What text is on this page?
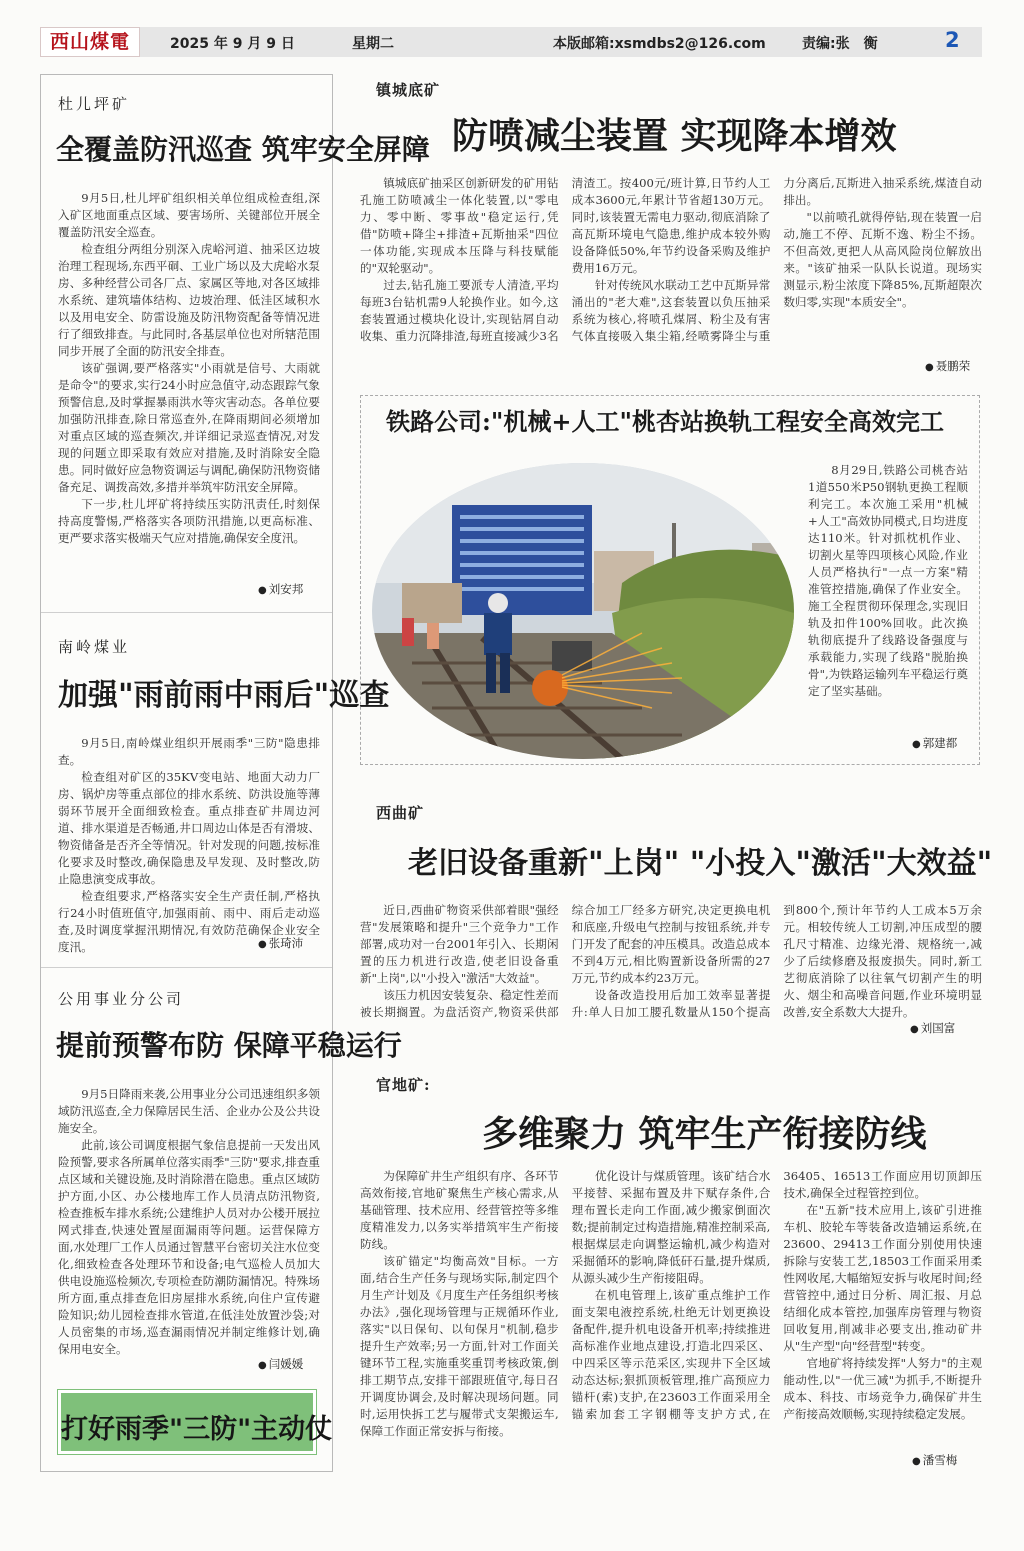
西山煤電	2025 年 9 月 9 日	星期二	本版邮箱:xsmdbs2@126.com	责编:张　衡	2
杜儿坪矿
全覆盖防汛巡查 筑牢安全屏障

9月5日,杜儿坪矿组织相关单位组成检查组,深入矿区地面重点区域、要害场所、关键部位开展全覆盖防汛安全巡查。

检查组分两组分别深入虎峪河道、抽采区边坡治理工程现场,东西平硐、工业广场以及大虎峪水泵房、多种经营公司各厂点、家属区等地,对各区域排水系统、建筑墙体结构、边坡治理、低洼区域积水以及用电安全、防雷设施及防汛物资配备等情况进行了细致排查。与此同时,各基层单位也对所辖范围同步开展了全面的防汛安全排查。

该矿强调,要严格落实"小雨就是信号、大雨就是命令"的要求,实行24小时应急值守,动态跟踪气象预警信息,及时掌握暴雨洪水等灾害动态。各单位要加强防汛排查,除日常巡查外,在降雨期间必须增加对重点区域的巡查频次,并详细记录巡查情况,对发现的问题立即采取有效应对措施,及时消除安全隐患。同时做好应急物资调运与调配,确保防汛物资储备充足、调拨高效,多措并举筑牢防汛安全屏障。

下一步,杜儿坪矿将持续压实防汛责任,时刻保持高度警惕,严格落实各项防汛措施,以更高标准、更严要求落实极端天气应对措施,确保安全度汛。

● 刘安邦
南岭煤业
加强"雨前雨中雨后"巡查

9月5日,南岭煤业组织开展雨季"三防"隐患排查。

检查组对矿区的35KV变电站、地面大动力厂房、锅炉房等重点部位的排水系统、防洪设施等薄弱环节展开全面细致检查。重点排查矿井周边河道、排水渠道是否畅通,井口周边山体是否有滑坡、物资储备是否齐全等情况。针对发现的问题,按标准化要求及时整改,确保隐患及早发现、及时整改,防止隐患演变成事故。

检查组要求,严格落实安全生产责任制,严格执行24小时值班值守,加强雨前、雨中、雨后走动巡查,及时调度掌握汛期情况,有效防范确保企业安全度汛。

●	张琦沛
公用事业分公司
提前预警布防 保障平稳运行

9月5日降雨来袭,公用事业分公司迅速组织多领域防汛巡查,全力保障居民生活、企业办公及公共设施安全。

此前,该公司调度根据气象信息提前一天发出风险预警,要求各所属单位落实雨季"三防"要求,排查重点区域和关键设施,及时消除潜在隐患。重点区域防护方面,小区、办公楼地库工作人员清点防汛物资,检查推板车排水系统;公建维护人员对办公楼开展拉网式排查,快速处置屋面漏雨等问题。运营保障方面,水处理厂工作人员通过智慧平台密切关注水位变化,细致检查各处理环节和设备;电气巡检人员加大供电设施巡检频次,专项检查防潮防漏情况。特殊场所方面,重点排查危旧房屋排水系统,向住户宣传避险知识;幼儿园检查排水管道,在低洼处放置沙袋;对人员密集的市场,巡查漏雨情况并制定维修计划,确保用电安全。

● 闫媛媛
打好雨季"三防"主动仗
镇城底矿
防喷减尘装置 实现降本增效

镇城底矿抽采区创新研发的矿用钻孔施工防喷减尘一体化装置,以"零电力、零中断、零事故"稳定运行,凭借"防喷+降尘+排渣+瓦斯抽采"四位一体功能,实现成本压降与科技赋能的"双轮驱动"。

过去,钻孔施工要派专人清渣,平均每班3台钻机需9人轮换作业。如今,这套装置通过模块化设计,实现钻屑自动收集、重力沉降排渣,每班直接减少3名清渣工。按400元/班计算,日节约人工成本3600元,年累计节省超130万元。同时,该装置无需电力驱动,彻底消除了高瓦斯环境电气隐患,维护成本较外购设备降低50%,年节约设备采购及维护费用16万元。

针对传统风水联动工艺中瓦斯异常涌出的"老大难",这套装置以负压抽采系统为核心,将喷孔煤屑、粉尘及有害气体直接吸入集尘箱,经喷雾降尘与重力分离后,瓦斯进入抽采系统,煤渣自动排出。

"以前喷孔就得停钻,现在装置一启动,施工不停、瓦斯不逸、粉尘不扬。不但高效,更把人从高风险岗位解放出来。"该矿抽采一队队长说道。现场实测显示,粉尘浓度下降85%,瓦斯超限次数归零,实现"本质安全"。

● 聂鹏荣
铁路公司:"机械+人工"桃杏站换轨工程安全高效完工

8月29日,铁路公司桃杏站1道550米P50钢轨更换工程顺利完工。本次施工采用"机械+人工"高效协同模式,日均进度达110米。针对抓枕机作业、切割火星等四项核心风险,作业人员严格执行"一点一方案"精准管控措施,确保了作业安全。施工全程贯彻环保理念,实现旧轨及扣件100%回收。此次换轨彻底提升了线路设备强度与承载能力,实现了线路"脱胎换骨",为铁路运输列车平稳运行奠定了坚实基础。

● 郭建都
西曲矿
老旧设备重新"上岗" "小投入"激活"大效益"

近日,西曲矿物资采供部着眼"强经营"发展策略和提升"三个竞争力"工作部署,成功对一台2001年引入、长期闲置的压力机进行改造,使老旧设备重新"上岗",以"小投入"激活"大效益"。

该压力机因安装复杂、稳定性差而被长期搁置。为盘活资产,物资采供部综合加工厂经多方研究,决定更换电机和底座,升级电气控制与按钮系统,并专门开发了配套的冲压模具。改造总成本不到4万元,相比购置新设备所需的27万元,节约成本约23万元。

设备改造投用后加工效率显著提升:单人日加工腰孔数量从150个提高到800个,预计年节约人工成本5万余元。相较传统人工切割,冲压成型的腰孔尺寸精准、边缘光滑、规格统一,减少了后续修磨及报废损失。同时,新工艺彻底消除了以往氧气切割产生的明火、烟尘和高噪音问题,作业环境明显改善,安全系数大大提升。

● 刘国富
官地矿:
多维聚力 筑牢生产衔接防线

为保障矿井生产组织有序、各环节高效衔接,官地矿聚焦生产核心需求,从基础管理、技术应用、经营管控等多维度精准发力,以务实举措筑牢生产衔接防线。

该矿锚定"均衡高效"目标。一方面,结合生产任务与现场实际,制定四个月生产计划及《月度生产任务组织考核办法》,强化现场管理与正规循环作业,落实"以日保旬、以旬保月"机制,稳步提升生产效率;另一方面,针对工作面关键环节工程,实施重奖重罚考核政策,倒排工期节点,安排干部跟班值守,每日召开调度协调会,及时解决现场问题。同时,运用快拆工艺与履带式支架搬运车,保障工作面正常安拆与衔接。

优化设计与煤质管理。该矿结合水平接替、采掘布置及井下赋存条件,合理布置长走向工作面,减少搬家倒面次数;提前制定过构造措施,精准控制采高,根据煤层走向调整运输机,减少构造对采掘循环的影响,降低矸石量,提升煤质,从源头减少生产衔接阻碍。

在机电管理上,该矿重点维护工作面支架电液控系统,杜绝无计划更换设备配件,提升机电设备开机率;持续推进高标准作业地点建设,打造北四采区、中四采区等示范采区,实现井下全区域动态达标;狠抓顶板管理,推广高预应力锚杆(索)支护,在23603工作面采用全锚索加套工字钢棚等支护方式,在36405、16513工作面应用切顶卸压技术,确保全过程管控到位。

在"五新"技术应用上,该矿引进推车机、胶轮车等装备改造辅运系统,在23600、29413工作面分别使用快速拆除与安装工艺,18503工作面采用柔性网收尾,大幅缩短安拆与收尾时间;经营管控中,通过日分析、周汇报、月总结细化成本管控,加强库房管理与物资回收复用,削减非必要支出,推动矿井从"生产型"向"经营型"转变。

官地矿将持续发挥"人努力"的主观能动性,以"一优三减"为抓手,不断提升成本、科技、市场竞争力,确保矿井生产衔接高效顺畅,实现持续稳定发展。

● 潘雪梅
